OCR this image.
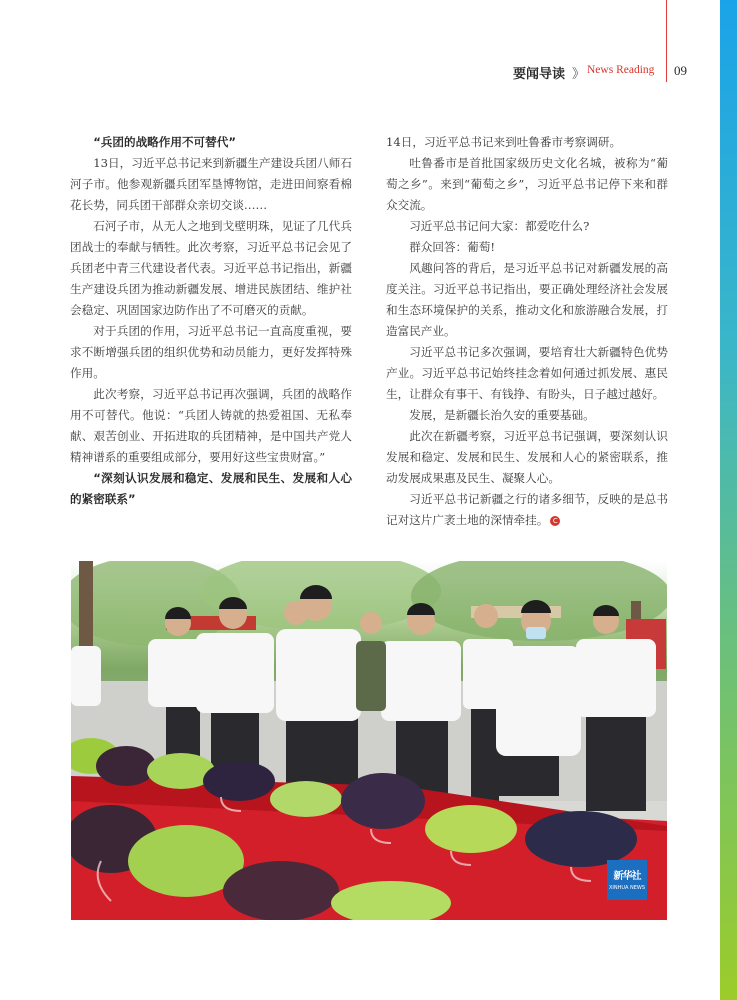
要闻导读 》 News Reading 09

“兵团的战略作用不可替代”

13日，习近平总书记来到新疆生产建设兵团八师石河子市。他参观新疆兵团军垦博物馆，走进田间察看棉花长势，同兵团干部群众亲切交谈……

石河子市，从无人之地到戈壁明珠，见证了几代兵团战士的奉献与牺牲。此次考察，习近平总书记会见了兵团老中青三代建设者代表。习近平总书记指出，新疆生产建设兵团为推动新疆发展、增进民族团结、维护社会稳定、巩固国家边防作出了不可磨灭的贡献。

对于兵团的作用，习近平总书记一直高度重视，要求不断增强兵团的组织优势和动员能力，更好发挥特殊作用。

此次考察，习近平总书记再次强调，兵团的战略作用不可替代。他说：“兵团人铸就的热爱祖国、无私奉献、艰苦创业、开拓进取的兵团精神，是中国共产党人精神谱系的重要组成部分，要用好这些宝贵财富。”

“深刻认识发展和稳定、发展和民生、发展和人心的紧密联系”

14日，习近平总书记来到吐鲁番市考察调研。

吐鲁番市是首批国家级历史文化名城，被称为“葡萄之乡”。来到“葡萄之乡”，习近平总书记停下来和群众交流。

习近平总书记问大家：都爱吃什么?

群众回答：葡萄!

风趣问答的背后，是习近平总书记对新疆发展的高度关注。习近平总书记指出，要正确处理经济社会发展和生态环境保护的关系，推动文化和旅游融合发展，打造富民产业。

习近平总书记多次强调，要培育壮大新疆特色优势产业。习近平总书记始终挂念着如何通过抓发展、惠民生，让群众有事干、有钱挣、有盼头，日子越过越好。

发展，是新疆长治久安的重要基础。

此次在新疆考察，习近平总书记强调，要深刻认识发展和稳定、发展和民生、发展和人心的紧密联系，推动发展成果惠及民生、凝聚人心。

习近平总书记新疆之行的诸多细节，反映的是总书记对这片广袤土地的深情牵挂。 C

新华社
XINHUA NEWS
